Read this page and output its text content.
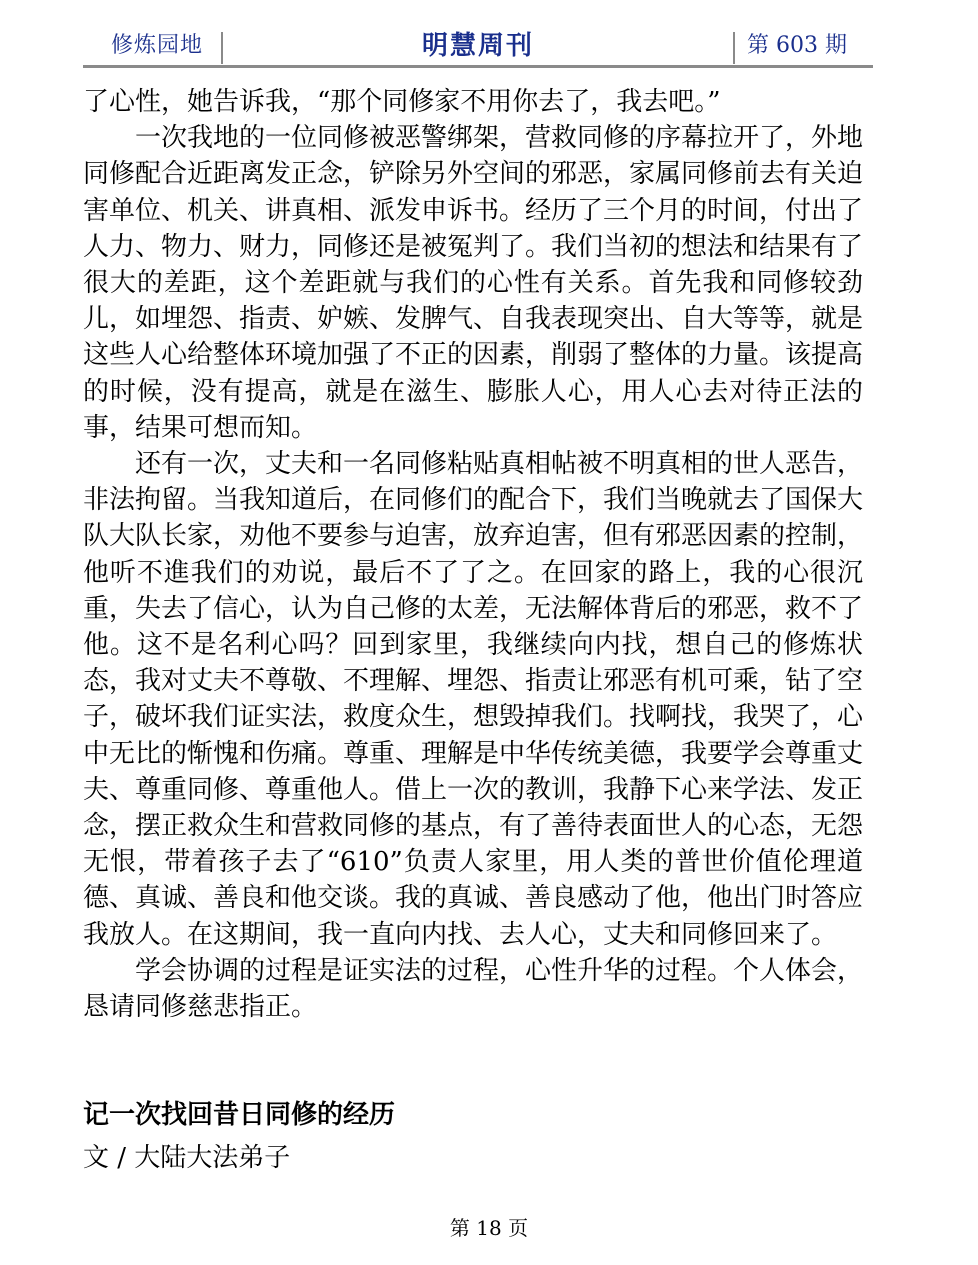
修炼园地	明慧周刊	第 603 期

了心性，她告诉我，“那个同修家不用你去了，我去吧。”

一次我地的一位同修被恶警绑架，营救同修的序幕拉开了，外地同修配合近距离发正念，铲除另外空间的邪恶，家属同修前去有关迫害单位、机关、讲真相、派发申诉书。经历了三个月的时间，付出了人力、物力、财力，同修还是被冤判了。我们当初的想法和结果有了很大的差距，这个差距就与我们的心性有关系。首先我和同修较劲儿，如埋怨、指责、妒嫉、发脾气、自我表现突出、自大等等，就是这些人心给整体环境加强了不正的因素，削弱了整体的力量。该提高的时候，没有提高，就是在滋生、膨胀人心，用人心去对待正法的事，结果可想而知。

还有一次，丈夫和一名同修粘贴真相帖被不明真相的世人恶告，非法拘留。当我知道后，在同修们的配合下，我们当晚就去了国保大队大队长家，劝他不要参与迫害，放弃迫害，但有邪恶因素的控制，他听不進我们的劝说，最后不了了之。在回家的路上，我的心很沉重，失去了信心，认为自己修的太差，无法解体背后的邪恶，救不了他。这不是名利心吗？回到家里，我继续向内找，想自己的修炼状态，我对丈夫不尊敬、不理解、埋怨、指责让邪恶有机可乘，钻了空子，破坏我们证实法，救度众生，想毁掉我们。找啊找，我哭了，心中无比的惭愧和伤痛。尊重、理解是中华传统美德，我要学会尊重丈夫、尊重同修、尊重他人。借上一次的教训，我静下心来学法、发正念，摆正救众生和营救同修的基点，有了善待表面世人的心态，无怨无恨，带着孩子去了“610”负责人家里，用人类的普世价值伦理道德、真诚、善良和他交谈。我的真诚、善良感动了他，他出门时答应我放人。在这期间，我一直向内找、去人心，丈夫和同修回来了。

学会协调的过程是证实法的过程，心性升华的过程。个人体会，恳请同修慈悲指正。

记一次找回昔日同修的经历

文 / 大陆大法弟子

第 18 页
